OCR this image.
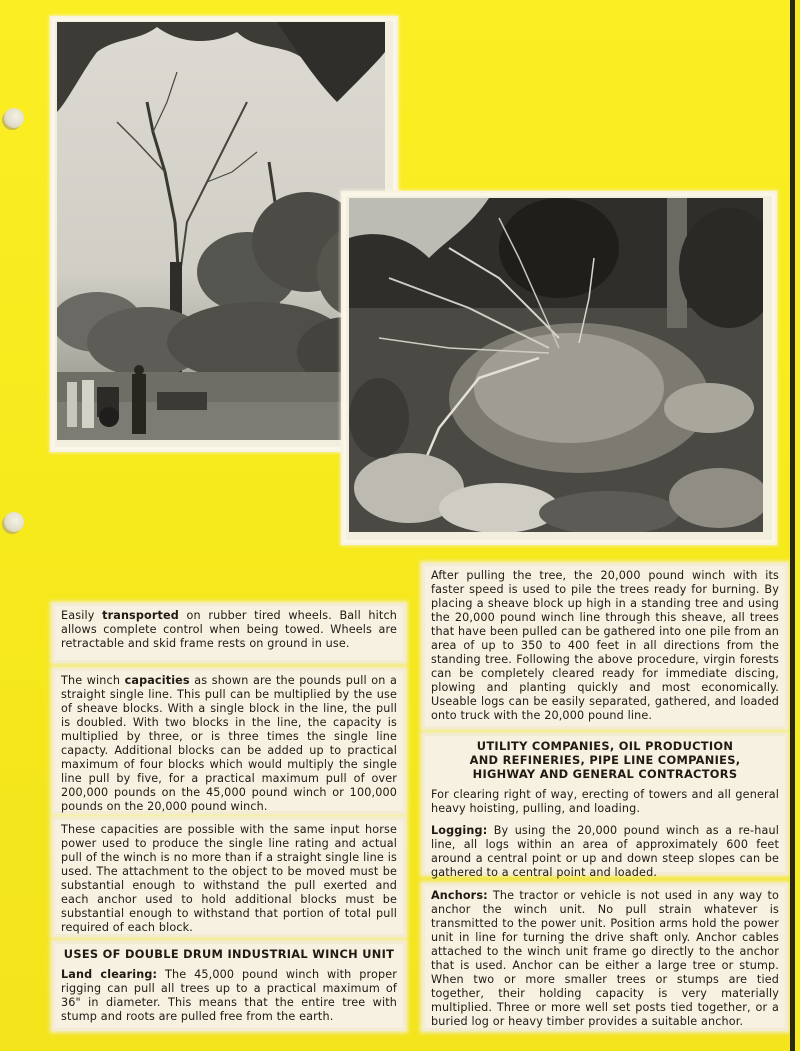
Easily transported on rubber tired wheels. Ball hitch allows complete control when being towed. Wheels are retractable and skid frame rests on ground in use.

The winch capacities as shown are the pounds pull on a straight single line. This pull can be multiplied by the use of sheave blocks. With a single block in the line, the pull is doubled. With two blocks in the line, the capacity is multiplied by three, or is three times the single line capacty. Additional blocks can be added up to practical maximum of four blocks which would multiply the single line pull by five, for a practical maximum pull of over 200,000 pounds on the 45,000 pound winch or 100,000 pounds on the 20,000 pound winch.

These capacities are possible with the same input horse power used to produce the single line rating and actual pull of the winch is no more than if a straight single line is used. The attachment to the object to be moved must be substantial enough to withstand the pull exerted and each anchor used to hold additional blocks must be substantial enough to withstand that portion of total pull required of each block.

USES OF DOUBLE DRUM INDUSTRIAL WINCH UNIT

Land clearing: The 45,000 pound winch with proper rigging can pull all trees up to a practical maximum of 36" in diameter. This means that the entire tree with stump and roots are pulled free from the earth.

After pulling the tree, the 20,000 pound winch with its faster speed is used to pile the trees ready for burning. By placing a sheave block up high in a standing tree and using the 20,000 pound winch line through this sheave, all trees that have been pulled can be gathered into one pile from an area of up to 350 to 400 feet in all directions from the standing tree. Following the above procedure, virgin forests can be completely cleared ready for immediate discing, plowing and planting quickly and most economically. Useable logs can be easily separated, gathered, and loaded onto truck with the 20,000 pound line.

UTILITY COMPANIES, OIL PRODUCTION AND REFINERIES, PIPE LINE COMPANIES, HIGHWAY AND GENERAL CONTRACTORS

For clearing right of way, erecting of towers and all general heavy hoisting, pulling, and loading.

Logging: By using the 20,000 pound winch as a re-haul line, all logs within an area of approximately 600 feet around a central point or up and down steep slopes can be gathered to a central point and loaded.

Anchors: The tractor or vehicle is not used in any way to anchor the winch unit. No pull strain whatever is transmitted to the power unit. Position arms hold the power unit in line for turning the drive shaft only. Anchor cables attached to the winch unit frame go directly to the anchor that is used. Anchor can be either a large tree or stump. When two or more smaller trees or stumps are tied together, their holding capacity is very materially multiplied. Three or more well set posts tied together, or a buried log or heavy timber provides a suitable anchor.
